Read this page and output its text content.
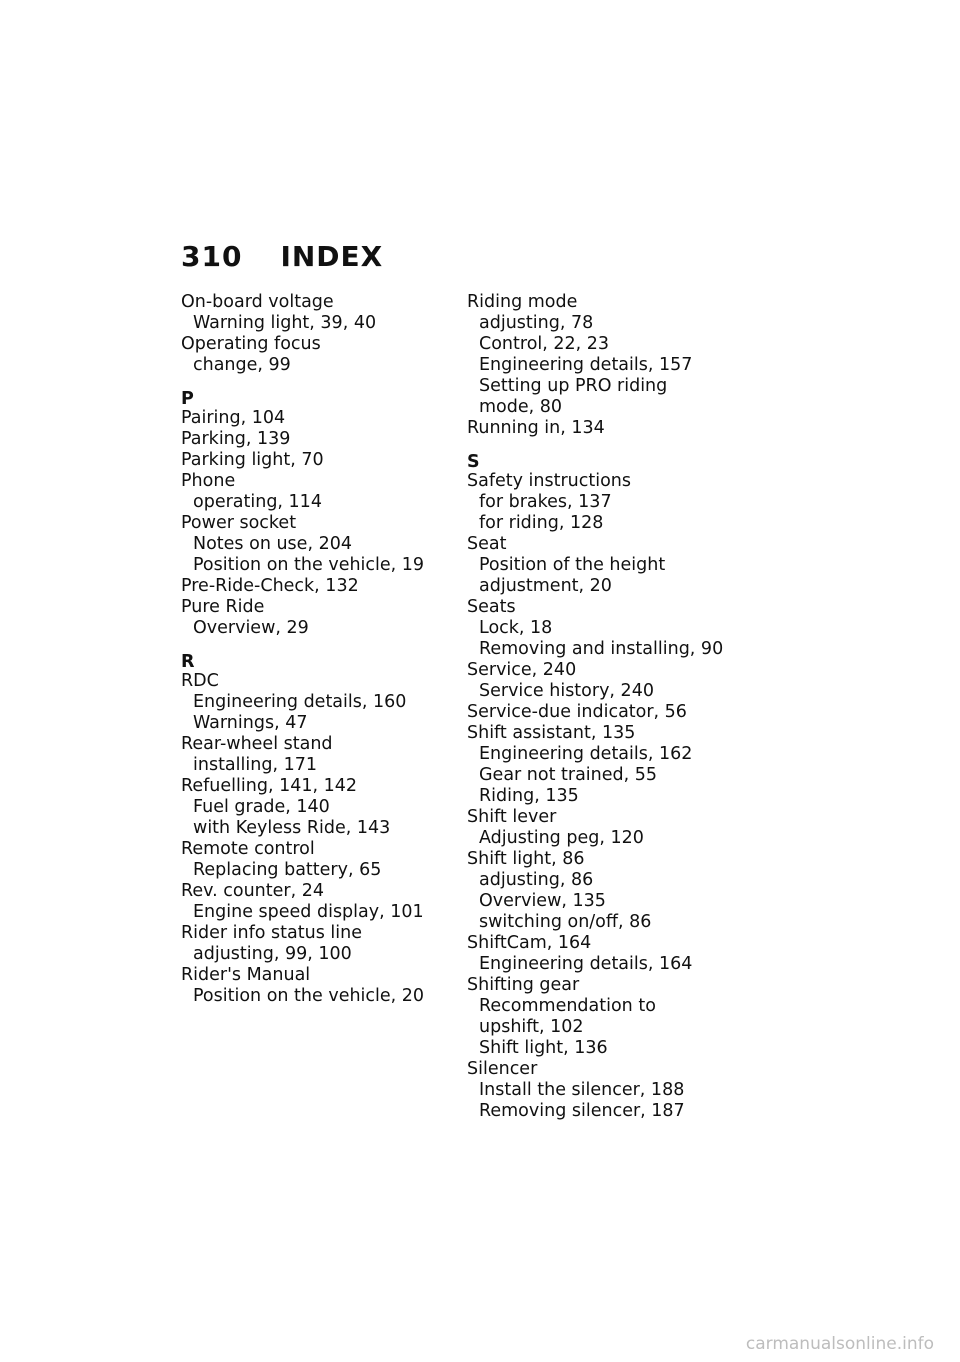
310 INDEX
On-board voltage
Warning light, 39, 40
Operating focus
change, 99
P
Pairing, 104
Parking, 139
Parking light, 70
Phone
operating, 114
Power socket
Notes on use, 204
Position on the vehicle, 19
Pre-Ride-Check, 132
Pure Ride
Overview, 29
R
RDC
Engineering details, 160
Warnings, 47
Rear-wheel stand
installing, 171
Refuelling, 141, 142
Fuel grade, 140
with Keyless Ride, 143
Remote control
Replacing battery, 65
Rev. counter, 24
Engine speed display, 101
Rider info status line
adjusting, 99, 100
Rider's Manual
Position on the vehicle, 20
Riding mode
adjusting, 78
Control, 22, 23
Engineering details, 157
Setting up PRO riding
mode, 80
Running in, 134
S
Safety instructions
for brakes, 137
for riding, 128
Seat
Position of the height
adjustment, 20
Seats
Lock, 18
Removing and installing, 90
Service, 240
Service history, 240
Service-due indicator, 56
Shift assistant, 135
Engineering details, 162
Gear not trained, 55
Riding, 135
Shift lever
Adjusting peg, 120
Shift light, 86
adjusting, 86
Overview, 135
switching on/off, 86
ShiftCam, 164
Engineering details, 164
Shifting gear
Recommendation to
upshift, 102
Shift light, 136
Silencer
Install the silencer, 188
Removing silencer, 187
carmanualsonline.info
